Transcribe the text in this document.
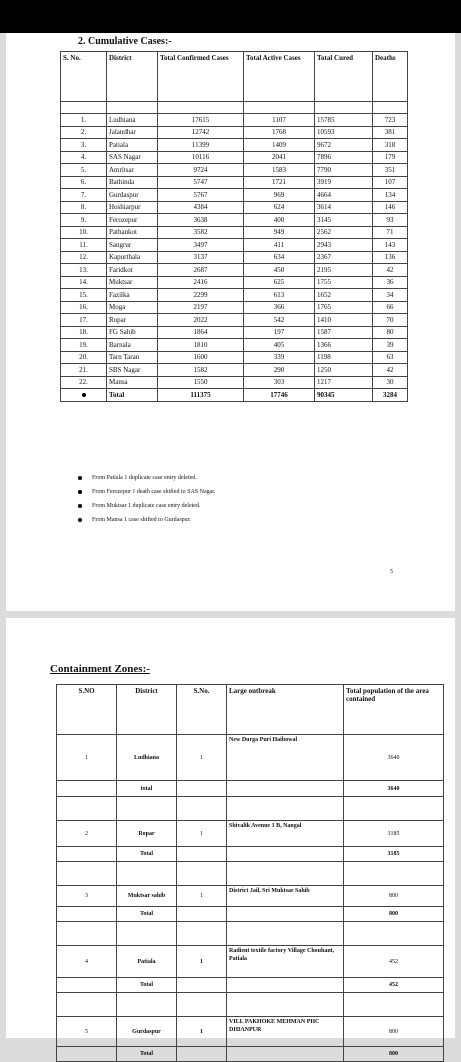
2. Cumulative Cases:-
S. No.	District	Total Confirmed Cases	Total Active Cases	Total Cured	Deaths

1.	Ludhiana	17615	1107	15785	723
2.	Jalandhar	12742	1768	10593	381
3.	Patiala	11399	1409	9672	318
4.	SAS Nagar	10116	2041	7896	179
5.	Amritsar	9724	1583	7790	351
6.	Bathinda	5747	1721	3919	107
7.	Gurdaspur	5767	969	4664	134
8.	Hoshiarpur	4384	624	3614	146
9.	Ferozepur	3638	400	3145	93
10.	Pathankot	3582	949	2562	71
11.	Sangrur	3497	411	2943	143
12.	Kapurthala	3137	634	2367	136
13.	Faridkot	2687	450	2195	42
14.	Muktsar	2416	625	1755	36
15.	Fazilka	2299	613	1652	34
16.	Moga	2197	366	1765	66
17.	Ropar	2022	542	1410	70
18.	FG Sahib	1864	197	1587	80
19.	Barnala	1810	405	1366	39
20.	Tarn Taran	1600	339	1198	63
21.	SBS Nagar	1582	290	1250	42
22.	Mansa	1550	303	1217	30
	Total	111375	17746	90345	3284
From Patiala 1 duplicate case entry deleted.
From Ferozepur 1 death case shifted to SAS Nagar.
From Muktsar 1 duplicate case entry deleted.
From Mansa 1 case shifted to Gurdaspur.
5
Containment Zones:-
S.NO	District	S.No.	Large outbreak	Total population of the area contained
1	Ludhiana	1	New Durga Puri Haibowal	3640
	total			3640

2	Ropar	1	Shivalik Avenue 1 B, Nangal	3185
	Total			3185

3	Muktsar sahib	1	District Jail, Sri Muktsar Sahib	800
	Total			800

4	Patiala	1	Radient textile factory Village Chouhant, Patiala	452
	Total			452

5	Gurdaspur	1	VILL PAKHOKE MEHMAN PHC DHIANPUR	800
	Total			800
